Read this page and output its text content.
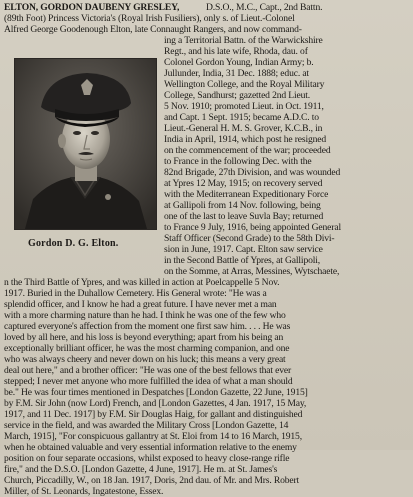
ELTON, GORDON DAUBENY GRESLEY,	D.S.O., M.C., Capt., 2nd Battn.
(89th Foot) Princess Victoria's (Royal Irish Fusiliers), only s. of Lieut.-Colonel
Alfred George Goodenough Elton, late Connaught Rangers, and now command-
ing a Territorial Battn. of the Warwickshire
Regt., and his late wife, Rhoda, dau. of
Colonel Gordon Young, Indian Army; b.
Jullunder, India, 31 Dec. 1888; educ. at
Wellington College, and the Royal Military
College, Sandhurst; gazetted 2nd Lieut.
5 Nov. 1910; promoted Lieut. in Oct. 1911,
and Capt. 1 Sept. 1915; became A.D.C. to
Lieut.-General H. M. S. Grover, K.C.B., in
India in April, 1914, which post he resigned
on the commencement of the war; proceeded
to France in the following Dec. with the
82nd Brigade, 27th Division, and was wounded
at Ypres 12 May, 1915; on recovery served
with the Mediterranean Expeditionary Force
at Gallipoli from 14 Nov. following, being
one of the last to leave Suvla Bay; returned
to France 9 July, 1916, being appointed General
Staff Officer (Second Grade) to the 58th Divi-
sion in June, 1917. Capt. Elton saw service
in the Second Battle of Ypres, at Gallipoli,
on the Somme, at Arras, Messines, Wytschaete,
n the Third Battle of Ypres, and was killed in action at Poelcappelle 5 Nov.
1917. Buried in the Duhallow Cemetery. His General wrote: "He was a
splendid officer, and I know he had a great future. I have never met a man
with a more charming nature than he had. I think he was one of the few who
captured everyone's affection from the moment one first saw him. . . . He was
loved by all here, and his loss is beyond everything; apart from his being an
exceptionally brilliant officer, he was the most charming companion, and one
who was always cheery and never down on his luck; this means a very great
deal out here," and a brother officer: "He was one of the best fellows that ever
stepped; I never met anyone who more fulfilled the idea of what a man should
be." He was four times mentioned in Despatches [London Gazette, 22 June, 1915]
by F.M. Sir John (now Lord) French, and [London Gazettes, 4 Jan. 1917, 15 May,
1917, and 11 Dec. 1917] by F.M. Sir Douglas Haig, for gallant and distinguished
service in the field, and was awarded the Military Cross [London Gazette, 14
March, 1915], "For conspicuous gallantry at St. Eloi from 14 to 16 March, 1915,
when he obtained valuable and very essential information relative to the enemy
position on four separate occasions, whilst exposed to heavy close-range rifle
fire," and the D.S.O. [London Gazette, 4 June, 1917]. He m. at St. James's
Church, Piccadilly, W., on 18 Jan. 1917, Doris, 2nd dau. of Mr. and Mrs. Robert
Miller, of St. Leonards, Ingatestone, Essex.
Gordon D. G. Elton.
